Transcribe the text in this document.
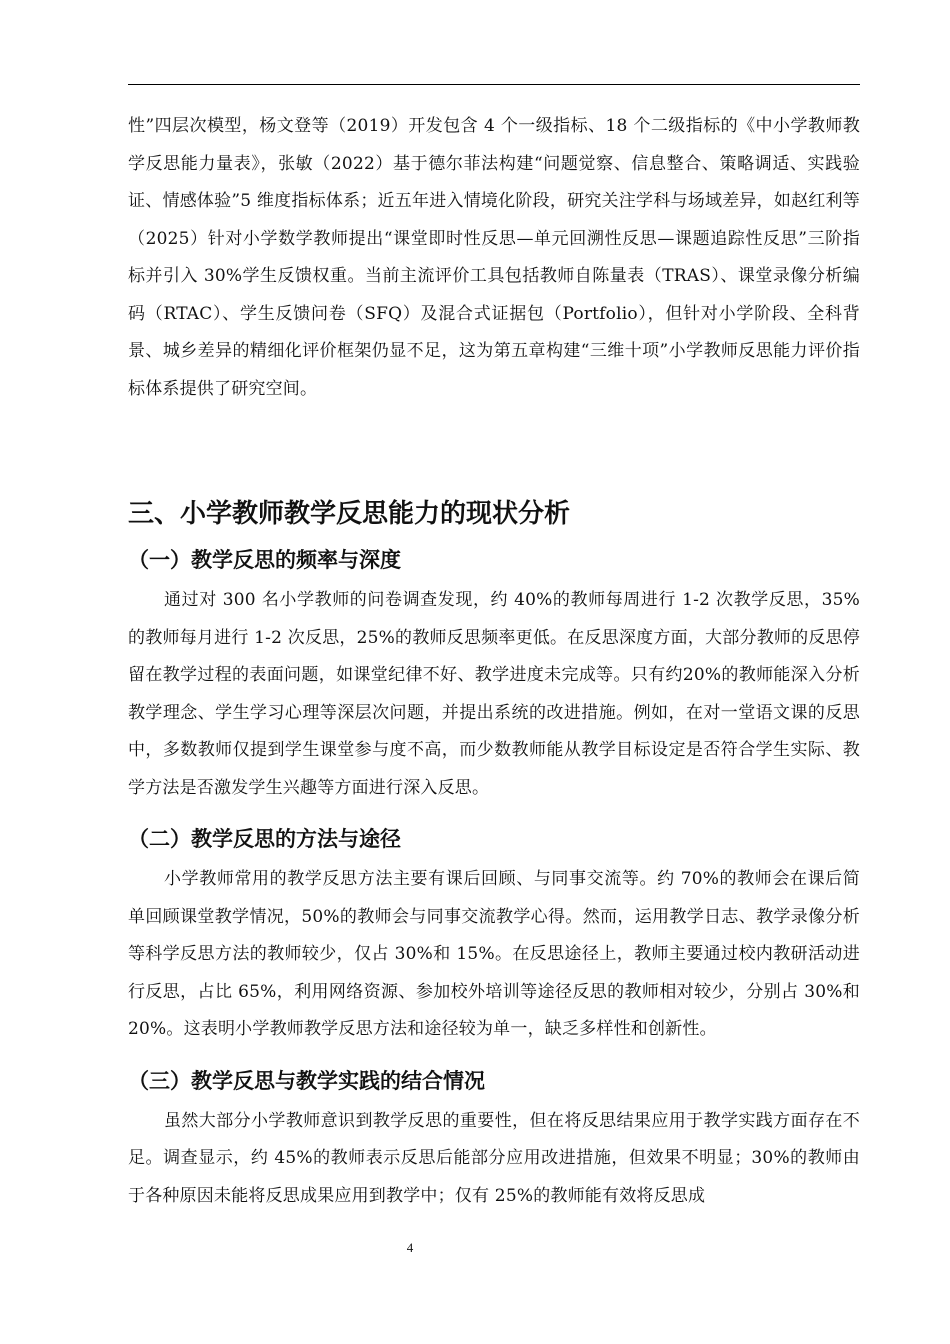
性”四层次模型，杨文登等（2019）开发包含 4 个一级指标、18 个二级指标的《中小学教师教学反思能力量表》，张敏（2022）基于德尔菲法构建“问题觉察、信息整合、策略调适、实践验证、情感体验”5 维度指标体系；近五年进入情境化阶段，研究关注学科与场域差异，如赵红利等（2025）针对小学数学教师提出“课堂即时性反思—单元回溯性反思—课题追踪性反思”三阶指标并引入 30%学生反馈权重。当前主流评价工具包括教师自陈量表（TRAS）、课堂录像分析编码（RTAC）、学生反馈问卷（SFQ）及混合式证据包（Portfolio），但针对小学阶段、全科背景、城乡差异的精细化评价框架仍显不足，这为第五章构建“三维十项”小学教师反思能力评价指标体系提供了研究空间。

三、小学教师教学反思能力的现状分析
（一）教学反思的频率与深度

通过对 300 名小学教师的问卷调查发现，约 40%的教师每周进行 1-2 次教学反思，35%的教师每月进行 1-2 次反思，25%的教师反思频率更低。在反思深度方面，大部分教师的反思停留在教学过程的表面问题，如课堂纪律不好、教学进度未完成等。只有约20%的教师能深入分析教学理念、学生学习心理等深层次问题，并提出系统的改进措施。例如，在对一堂语文课的反思中，多数教师仅提到学生课堂参与度不高，而少数教师能从教学目标设定是否符合学生实际、教学方法是否激发学生兴趣等方面进行深入反思。

（二）教学反思的方法与途径

小学教师常用的教学反思方法主要有课后回顾、与同事交流等。约 70%的教师会在课后简单回顾课堂教学情况，50%的教师会与同事交流教学心得。然而，运用教学日志、教学录像分析等科学反思方法的教师较少，仅占 30%和 15%。在反思途径上，教师主要通过校内教研活动进行反思，占比 65%，利用网络资源、参加校外培训等途径反思的教师相对较少，分别占 30%和 20%。这表明小学教师教学反思方法和途径较为单一，缺乏多样性和创新性。

（三）教学反思与教学实践的结合情况

虽然大部分小学教师意识到教学反思的重要性，但在将反思结果应用于教学实践方面存在不足。调查显示，约 45%的教师表示反思后能部分应用改进措施，但效果不明显；30%的教师由于各种原因未能将反思成果应用到教学中；仅有 25%的教师能有效将反思成

4
